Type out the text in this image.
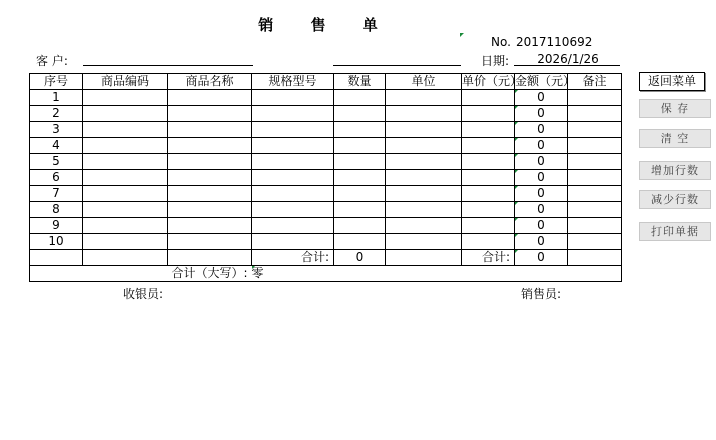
销 售 单
No. 2017110692
客 户:	日期:	2026/1/26
序号	商品编码	商品名称	规格型号	数量	单位	单价（元）	金额（元）	备注
1							0	
2							0	
3							0	
4							0	
5							0	
6							0	
7							0	
8							0	
9							0	
10							0	
			合计:	0		合计:	0	
合计（大写）:			零					
收银员:	销售员:
返回菜单
保 存
清 空
增加行数
减少行数
打印单据
